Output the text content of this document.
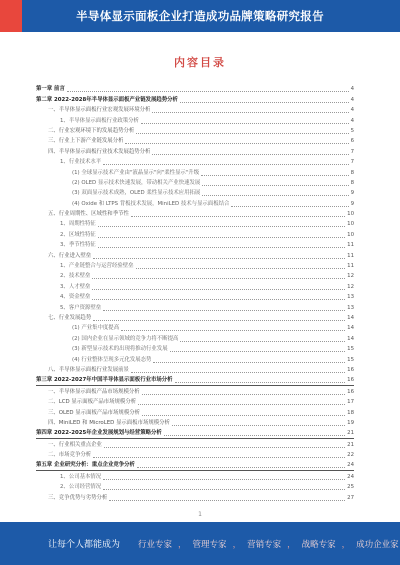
半导体显示面板企业打造成功品牌策略研究报告
内容目录
第一章 前言	4
第二章 2022-2028年半导体显示面板产业链发展趋势分析	4
一、半导体显示面板行业宏观发展环境分析	4
1、半导体显示面板行业政策分析	4
二、行业宏观环境下的发展趋势分析	5
三、行业上下游产业链发展分析	6
四、半导体显示面板行业技术发展趋势分析	7
1、行业技术水平	7
(1) 全球显示技术产业由"液晶显示"向"柔性显示"升级	8
(2) OLED 显示技术快速发展，带动相关产业快速发展	8
(3) 双面显示技术成熟，OLED 柔性显示技术应用拓展	9
(4) Oxide 和 LTPS 背板技术发展，MiniLED 技术与显示面板结合	9
五、行业周期性、区域性和季节性	10
1、周期性特征	10
2、区域性特征	10
3、季节性特征	11
六、行业进入壁垒	11
1、产业链整合与运营经验壁垒	11
2、技术壁垒	12
3、人才壁垒	12
4、资金壁垒	13
5、客户资源壁垒	13
七、行业发展趋势	14
(1) 产业集中度提高	14
(2) 国内企业在显示领域的竞争力将不断提高	14
(3) 新型显示技术的出现将推动行业发展	15
(4) 行业整体呈现多元化发展态势	15
八、半导体显示面板行业发展前景	16
第三章 2022-2027年中国半导体显示面板行业市场分析	16
一、半导体显示面板产品市场规模分析	16
二、LCD 显示面板产品市场规模分析	17
三、OLED 显示面板产品市场规模分析	18
四、MiniLED 和 MicroLED 显示面板市场规模分析	19
第四章 2022-2025年企业发展规划与经营策略分析	21
一、行业相关重点企业	21
二、市场竞争分析	22
第五章 企业研究分析：重点企业竞争分析	24
1、公司基本情况	24
2、公司经营情况	25
三、竞争优势与劣势分析	27
1
让每个人都能成为 行业专家 ， 管理专家 ， 营销专家 ， 战略专家 ， 成功企业家
